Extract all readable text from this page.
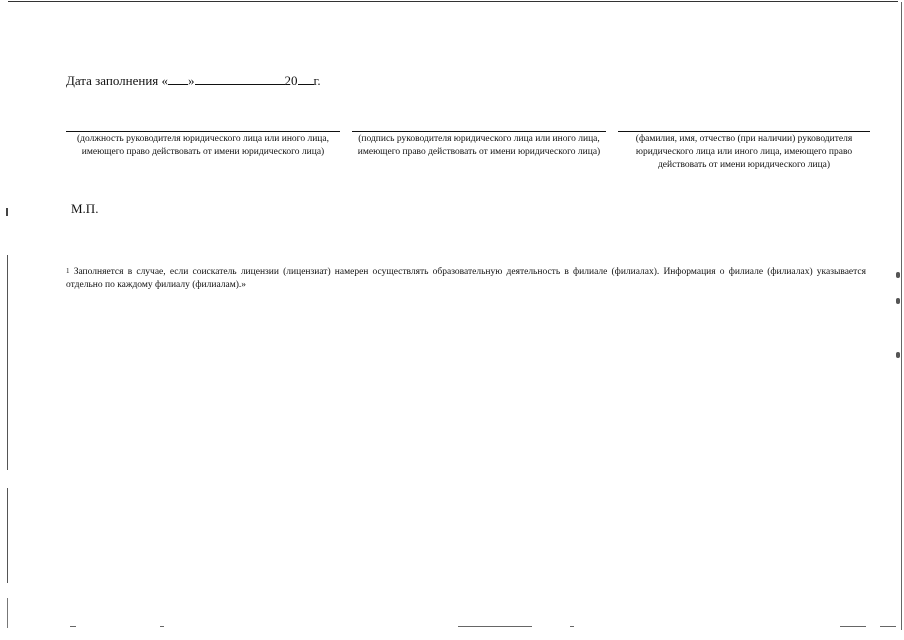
Дата заполнения « »	20 г.
(должность руководителя юридического лица или иного лица, имеющего право действовать от имени юридического лица)
(подпись руководителя юридического лица или иного лица, имеющего право действовать от имени юридического лица)
(фамилия, имя, отчество (при наличии) руководителя юридического лица или иного лица, имеющего право действовать от имени юридического лица)
М.П.
$^1$ Заполняется в случае, если соискатель лицензии (лицензиат) намерен осуществлять образовательную деятельность в филиале (филиалах). Информация о филиале (филиалах) указывается отдельно по каждому филиалу (филиалам).»
